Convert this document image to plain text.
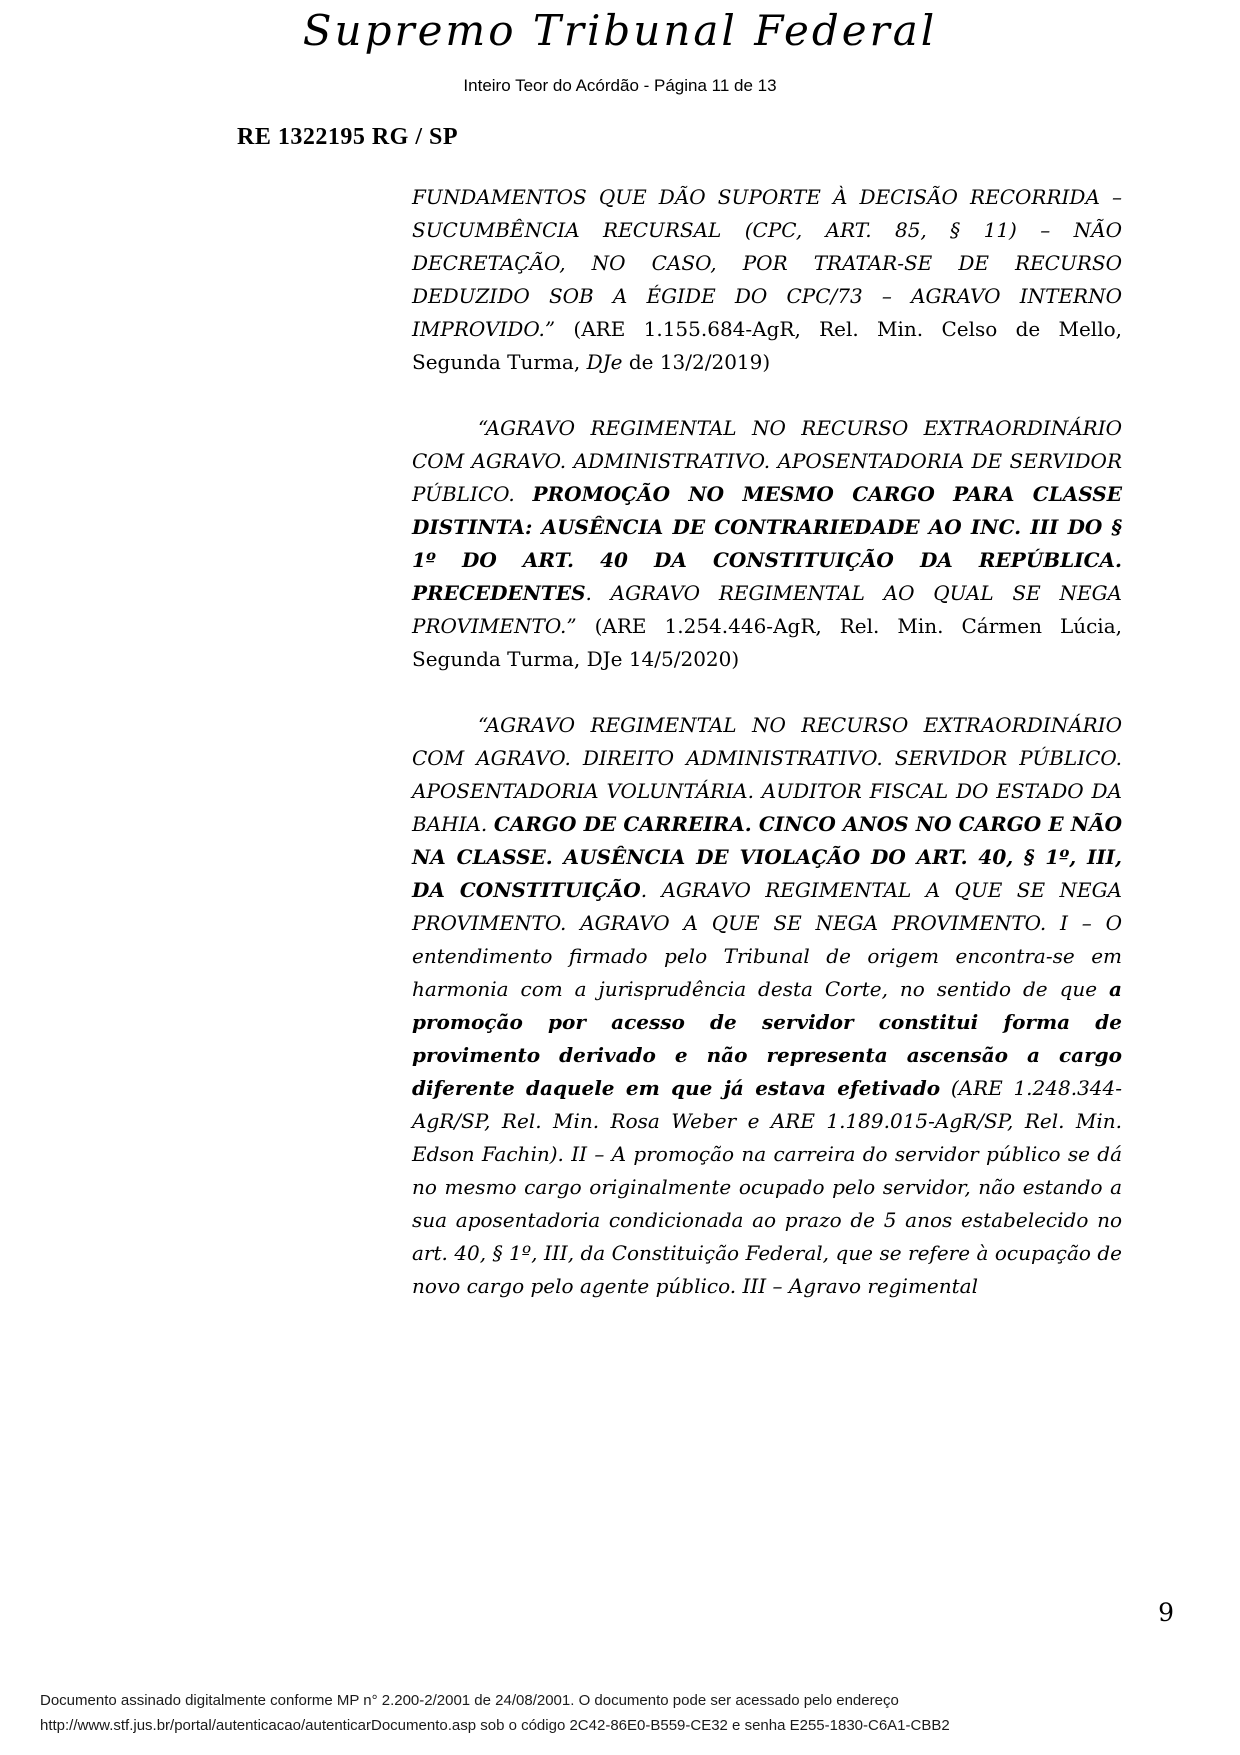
Supremo Tribunal Federal
Inteiro Teor do Acórdão - Página 11 de 13
RE 1322195 RG / SP

FUNDAMENTOS QUE DÃO SUPORTE À DECISÃO RECORRIDA – SUCUMBÊNCIA RECURSAL (CPC, ART. 85, § 11) – NÃO DECRETAÇÃO, NO CASO, POR TRATAR-SE DE RECURSO DEDUZIDO SOB A ÉGIDE DO CPC/73 – AGRAVO INTERNO IMPROVIDO.” (ARE 1.155.684-AgR, Rel. Min. Celso de Mello, Segunda Turma, DJe de 13/2/2019)

“AGRAVO REGIMENTAL NO RECURSO EXTRAORDINÁRIO COM AGRAVO. ADMINISTRATIVO. APOSENTADORIA DE SERVIDOR PÚBLICO. PROMOÇÃO NO MESMO CARGO PARA CLASSE DISTINTA: AUSÊNCIA DE CONTRARIEDADE AO INC. III DO § 1º DO ART. 40 DA CONSTITUIÇÃO DA REPÚBLICA. PRECEDENTES. AGRAVO REGIMENTAL AO QUAL SE NEGA PROVIMENTO.” (ARE 1.254.446-AgR, Rel. Min. Cármen Lúcia, Segunda Turma, DJe 14/5/2020)

“AGRAVO REGIMENTAL NO RECURSO EXTRAORDINÁRIO COM AGRAVO. DIREITO ADMINISTRATIVO. SERVIDOR PÚBLICO. APOSENTADORIA VOLUNTÁRIA. AUDITOR FISCAL DO ESTADO DA BAHIA. CARGO DE CARREIRA. CINCO ANOS NO CARGO E NÃO NA CLASSE. AUSÊNCIA DE VIOLAÇÃO DO ART. 40, § 1º, III, DA CONSTITUIÇÃO. AGRAVO REGIMENTAL A QUE SE NEGA PROVIMENTO. AGRAVO A QUE SE NEGA PROVIMENTO. I – O entendimento firmado pelo Tribunal de origem encontra-se em harmonia com a jurisprudência desta Corte, no sentido de que a promoção por acesso de servidor constitui forma de provimento derivado e não representa ascensão a cargo diferente daquele em que já estava efetivado (ARE 1.248.344-AgR/SP, Rel. Min. Rosa Weber e ARE 1.189.015-AgR/SP, Rel. Min. Edson Fachin). II – A promoção na carreira do servidor público se dá no mesmo cargo originalmente ocupado pelo servidor, não estando a sua aposentadoria condicionada ao prazo de 5 anos estabelecido no art. 40, § 1º, III, da Constituição Federal, que se refere à ocupação de novo cargo pelo agente público. III – Agravo regimental

9
Documento assinado digitalmente conforme MP n° 2.200-2/2001 de 24/08/2001. O documento pode ser acessado pelo endereço
http://www.stf.jus.br/portal/autenticacao/autenticarDocumento.asp sob o código 2C42-86E0-B559-CE32 e senha E255-1830-C6A1-CBB2
